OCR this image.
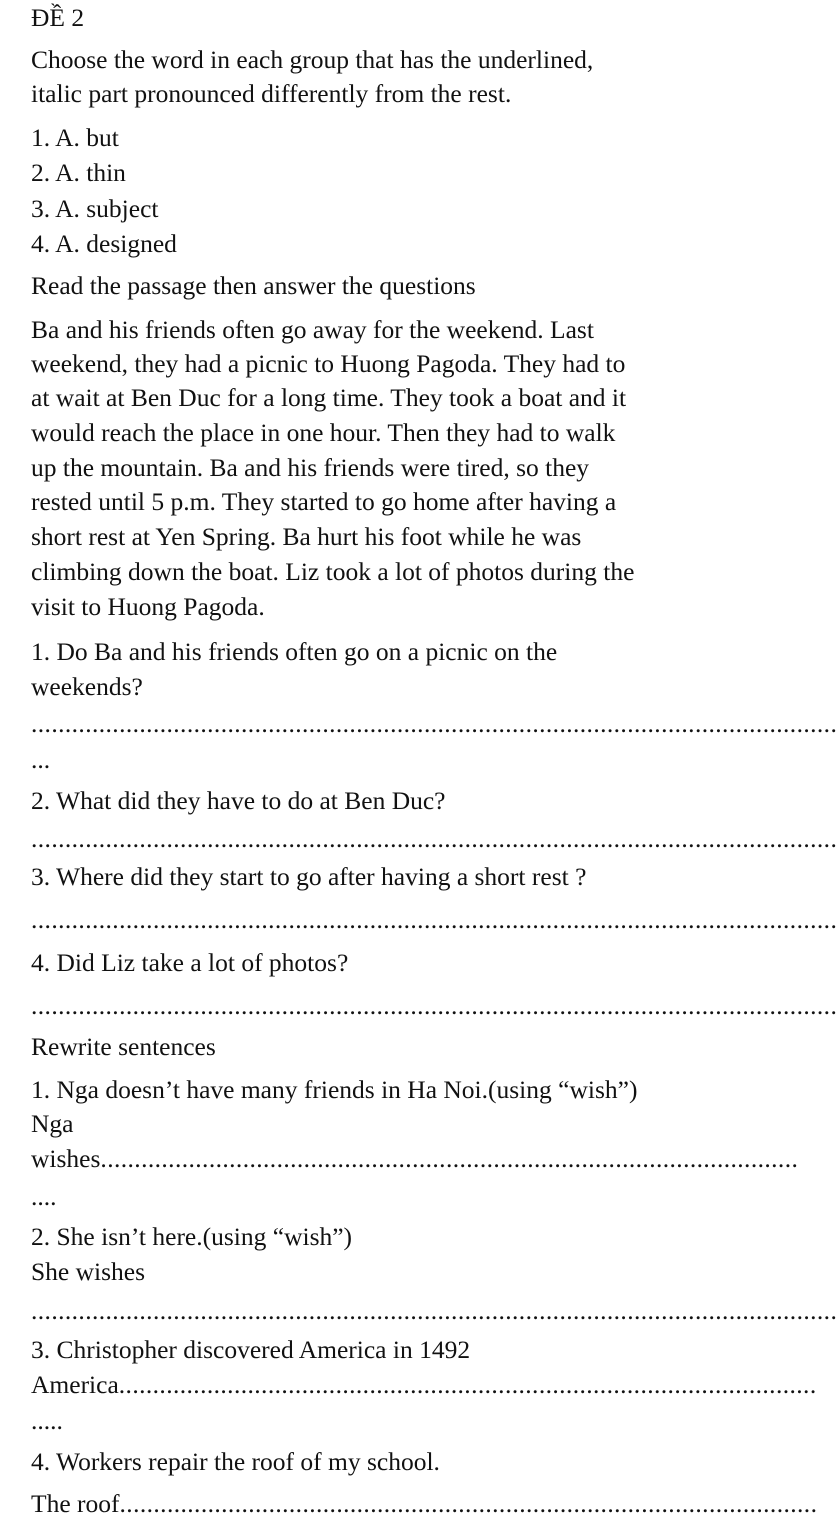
ĐỀ 2
Choose the word in each group that has the underlined,
italic part pronounced differently from the rest.
1. A. but
2. A. thin
3. A. subject
4. A. designed
Read the passage then answer the questions
Ba and his friends often go away for the weekend. Last
weekend, they had a picnic to Huong Pagoda. They had to
at wait at Ben Duc for a long time. They took a boat and it
would reach the place in one hour. Then they had to walk
up the mountain. Ba and his friends were tired, so they
rested until 5 p.m. They started to go home after having a
short rest at Yen Spring. Ba hurt his foot while he was
climbing down the boat. Liz took a lot of photos during the
visit to Huong Pagoda.
1. Do Ba and his friends often go on a picnic on the
weekends?
.......................................................................................................................
...
2. What did they have to do at Ben Duc?
.......................................................................................................................
3. Where did they start to go after having a short rest ?
.......................................................................................................................
4. Did Liz take a lot of photos?
.......................................................................................................................
Rewrite sentences
1. Nga doesn’t have many friends in Ha Noi.(using “wish”)
Nga
wishes.......................................................................................................
....
2. She isn’t here.(using “wish”)
She wishes
.......................................................................................................................
3. Christopher discovered America in 1492
America.......................................................................................................
.....
4. Workers repair the roof of my school.
The roof.......................................................................................................
